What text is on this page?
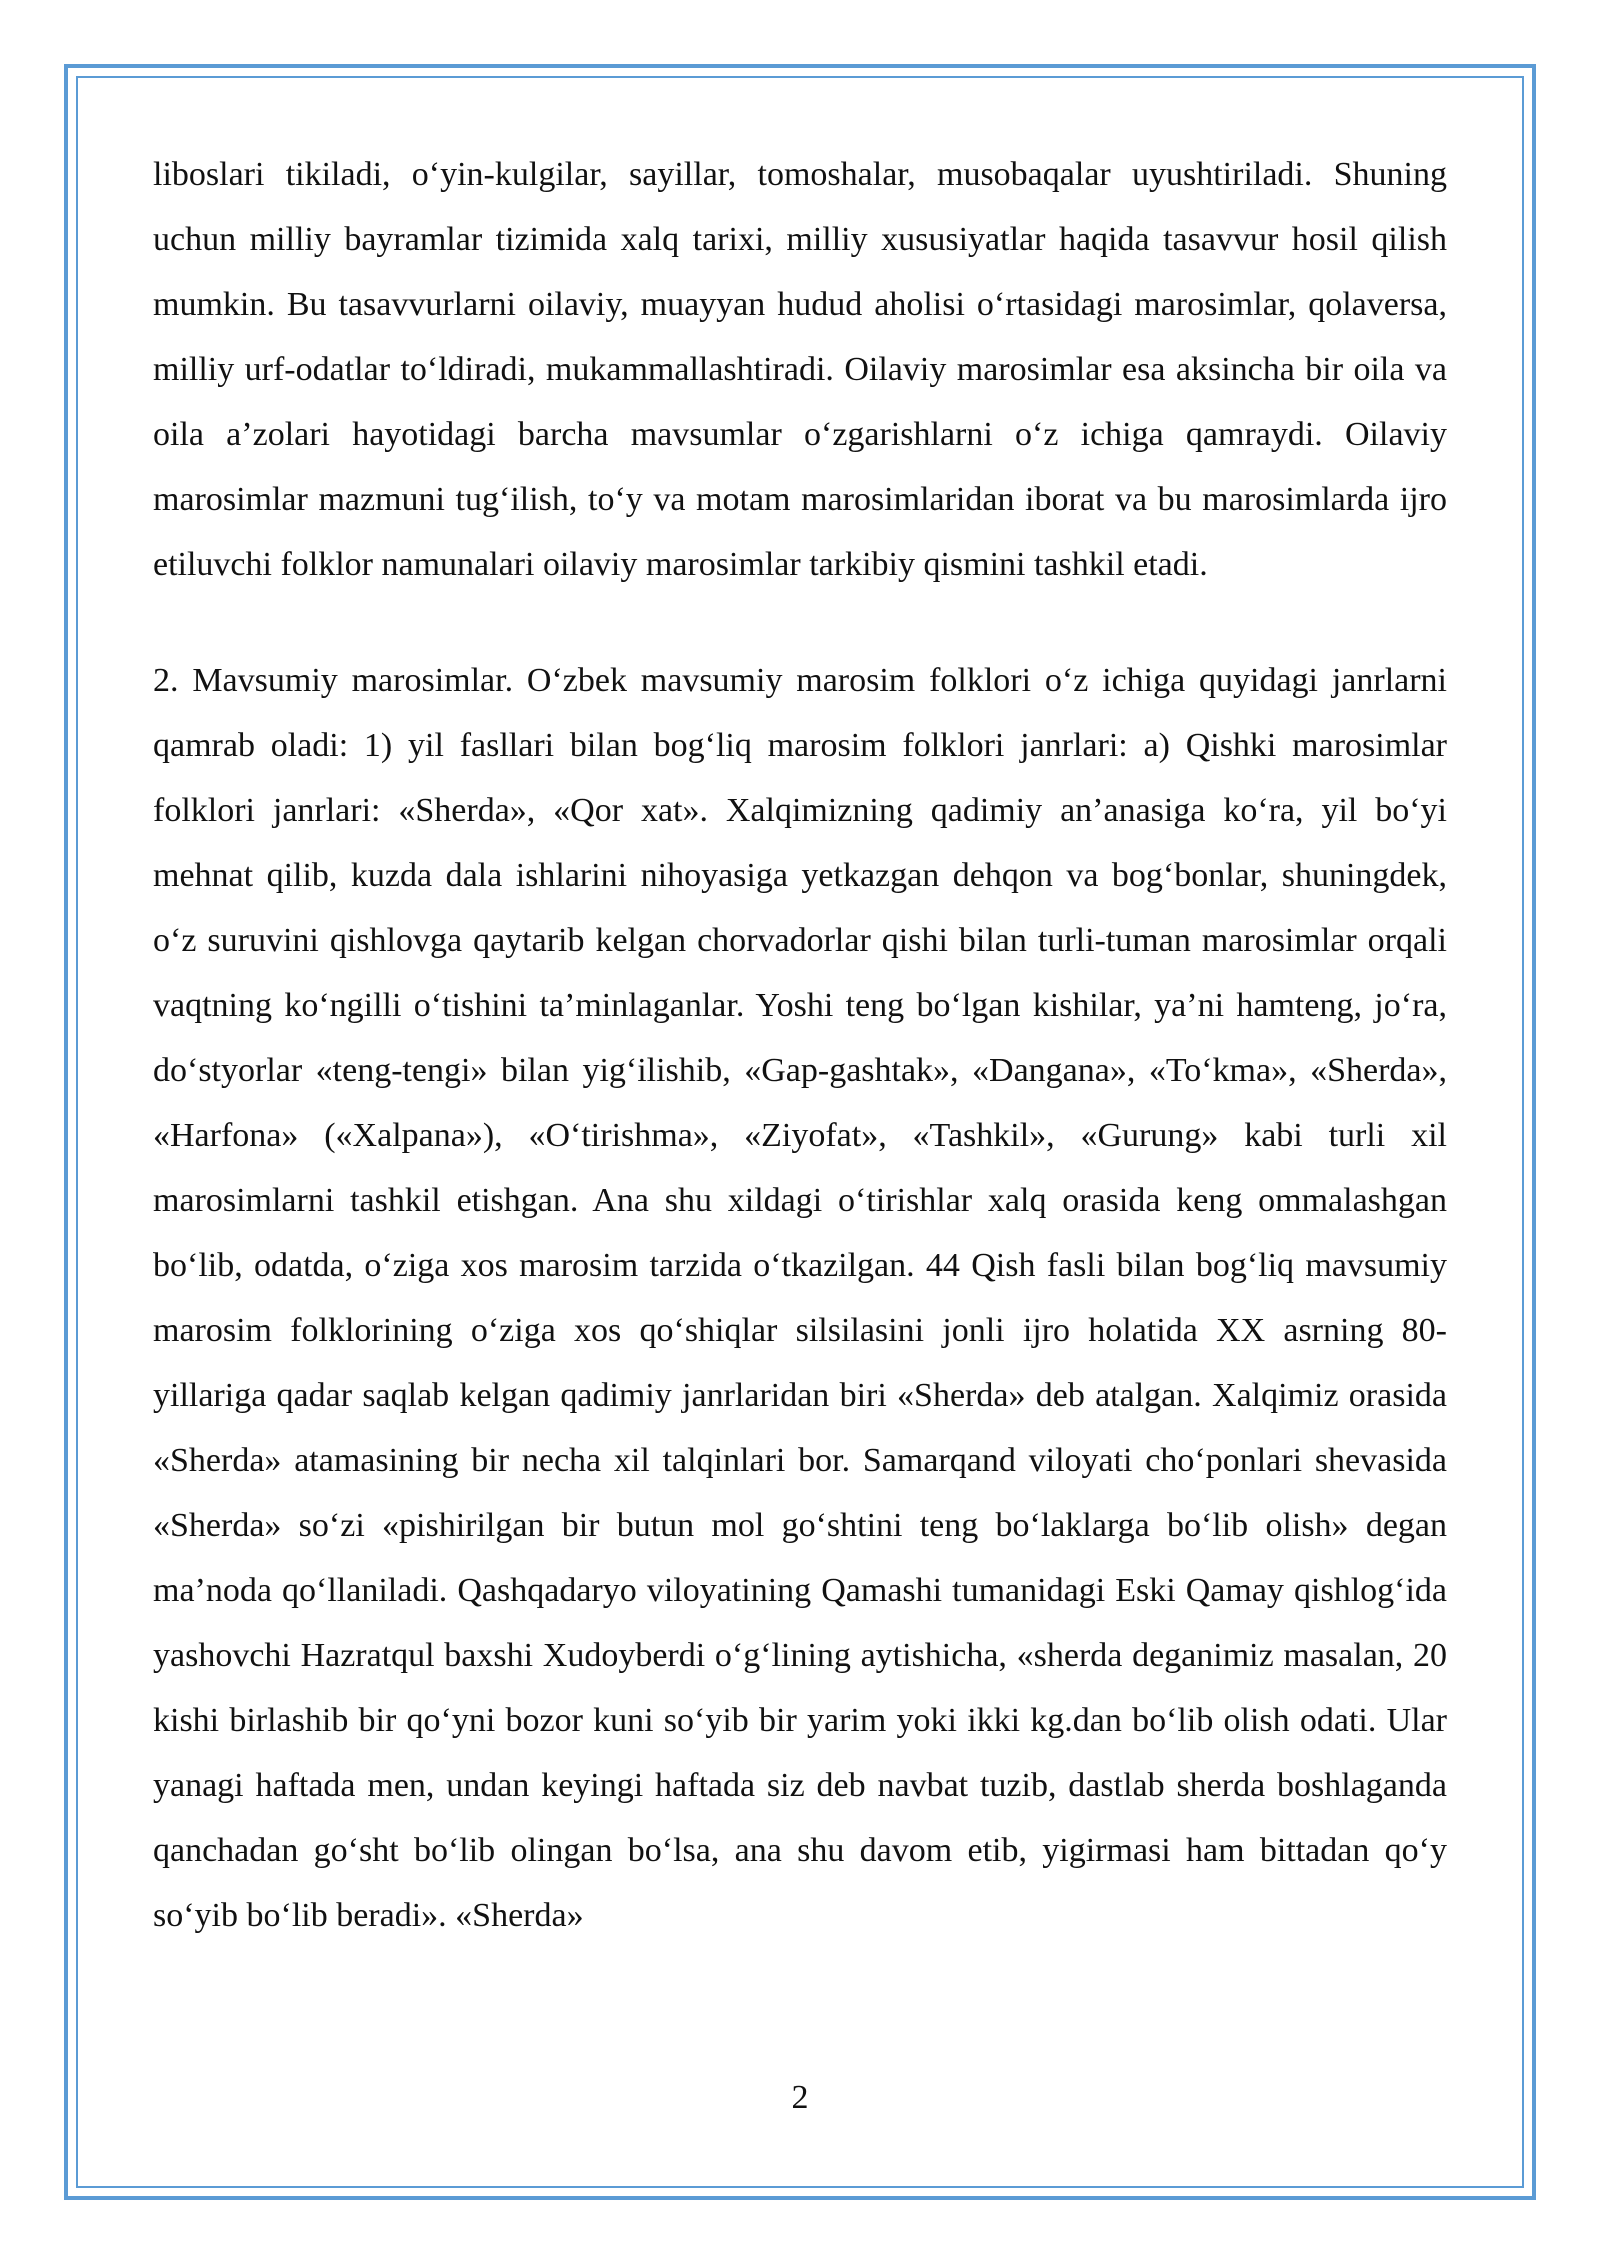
liboslari tikiladi, o‘yin-kulgilar, sayillar, tomoshalar, musobaqalar uyushtiriladi. Shuning uchun milliy bayramlar tizimida xalq tarixi, milliy xususiyatlar haqida tasavvur hosil qilish mumkin. Bu tasavvurlarni oilaviy, muayyan hudud aholisi o‘rtasidagi marosimlar, qolaversa, milliy urf-odatlar to‘ldiradi, mukammallashtiradi. Oilaviy marosimlar esa aksincha bir oila va oila a’zolari hayotidagi barcha mavsumlar o‘zgarishlarni o‘z ichiga qamraydi. Oilaviy marosimlar mazmuni tug‘ilish, to‘y va motam marosimlaridan iborat va bu marosimlarda ijro etiluvchi folklor namunalari oilaviy marosimlar tarkibiy qismini tashkil etadi.

2. Mavsumiy marosimlar. O‘zbek mavsumiy marosim folklori o‘z ichiga quyidagi janrlarni qamrab oladi: 1) yil fasllari bilan bog‘liq marosim folklori janrlari: a) Qishki marosimlar folklori janrlari: «Sherda», «Qor xat». Xalqimizning qadimiy an’anasiga ko‘ra, yil bo‘yi mehnat qilib, kuzda dala ishlarini nihoyasiga yetkazgan dehqon va bog‘bonlar, shuningdek, o‘z suruvini qishlovga qaytarib kelgan chorvadorlar qishi bilan turli-tuman marosimlar orqali vaqtning ko‘ngilli o‘tishini ta’minlaganlar. Yoshi teng bo‘lgan kishilar, ya’ni hamteng, jo‘ra, do‘styorlar «teng-tengi» bilan yig‘ilishib, «Gap-gashtak», «Dangana», «To‘kma», «Sherda», «Harfona» («Xalpana»), «O‘tirishma», «Ziyofat», «Tashkil», «Gurung» kabi turli xil marosimlarni tashkil etishgan. Ana shu xildagi o‘tirishlar xalq orasida keng ommalashgan bo‘lib, odatda, o‘ziga xos marosim tarzida o‘tkazilgan. 44 Qish fasli bilan bog‘liq mavsumiy marosim folklorining o‘ziga xos qo‘shiqlar silsilasini jonli ijro holatida XX asrning 80-yillariga qadar saqlab kelgan qadimiy janrlaridan biri «Sherda» deb atalgan. Xalqimiz orasida «Sherda» atamasining bir necha xil talqinlari bor. Samarqand viloyati cho‘ponlari shevasida «Sherda» so‘zi «pishirilgan bir butun mol go‘shtini teng bo‘laklarga bo‘lib olish» degan ma’noda qo‘llaniladi. Qashqadaryo viloyatining Qamashi tumanidagi Eski Qamay qishlog‘ida yashovchi Hazratqul baxshi Xudoyberdi o‘g‘lining aytishicha, «sherda deganimiz masalan, 20 kishi birlashib bir qo‘yni bozor kuni so‘yib bir yarim yoki ikki kg.dan bo‘lib olish odati. Ular yanagi haftada men, undan keyingi haftada siz deb navbat tuzib, dastlab sherda boshlaganda qanchadan go‘sht bo‘lib olingan bo‘lsa, ana shu davom etib, yigirmasi ham bittadan qo‘y so‘yib bo‘lib beradi». «Sherda»

2
